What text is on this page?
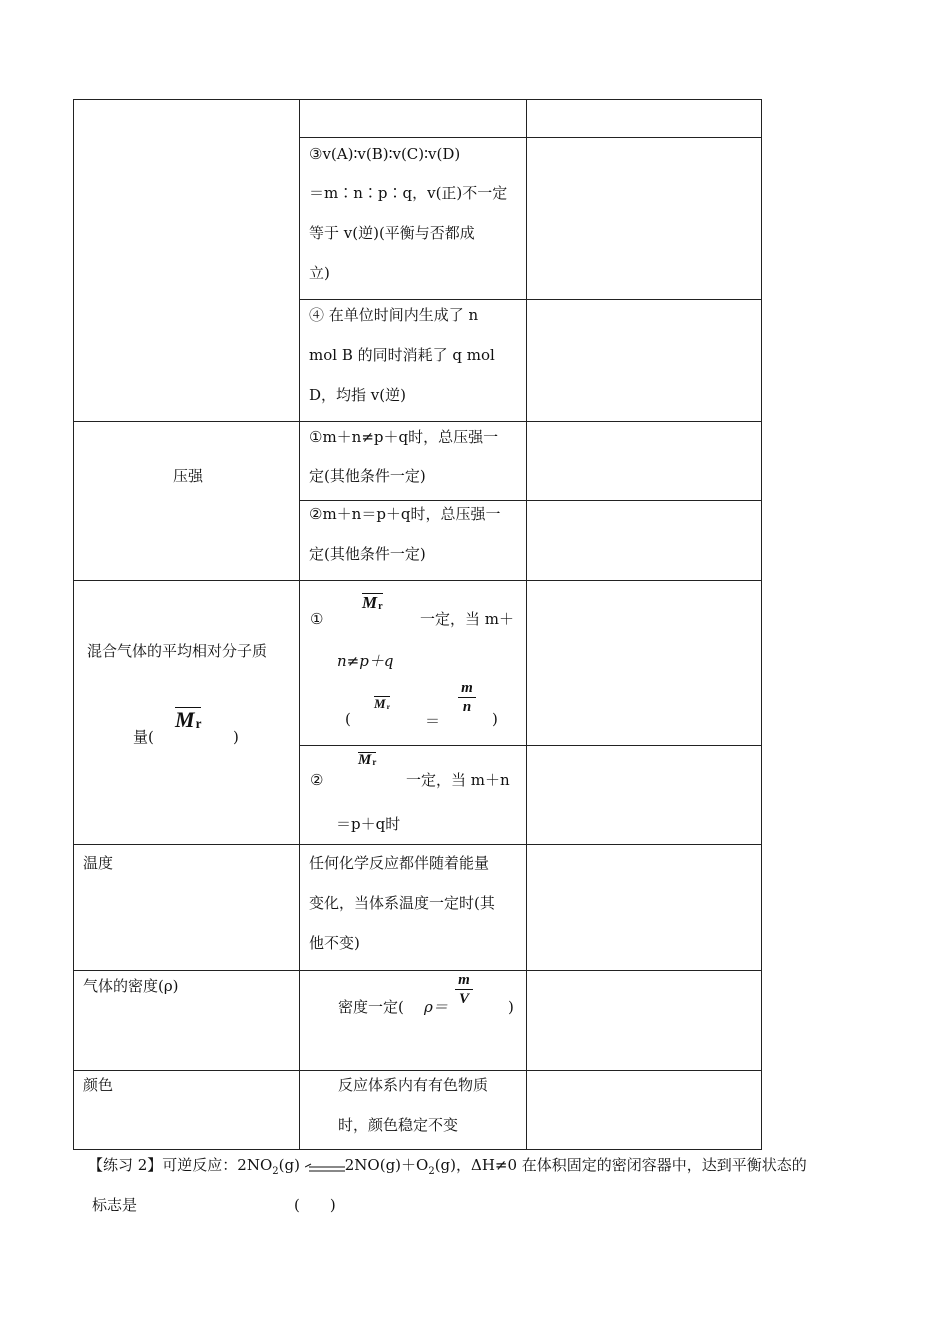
压强
混合气体的平均相对分子质
量(
$M_r$
)
温度
气体的密度(ρ)
颜色
③v(A)∶v(B)∶v(C)∶v(D)
＝m∶n∶p∶q，v(正)不一定
等于 v(逆)(平衡与否都成
立)
④ 在单位时间内生成了 n
mol B 的同时消耗了 q mol
D，均指 v(逆)
①m＋n≠p＋q时，总压强一
定(其他条件一定)
②m＋n＝p＋q时，总压强一
定(其他条件一定)
①
$M_r$
一定，当 m＋
n≠p＋q
(
$M_r$
＝
$\frac{m}{n}$
)
②
$M_r$
一定，当 m＋n
＝p＋q时
任何化学反应都伴随着能量
变化，当体系温度一定时(其
他不变)
密度一定( $\rho= \frac{m}{V}$ )
反应体系内有有色物质
时，颜色稳定不变
【练习 2】可逆反应：$2NO_2(g)$	$2NO(g)+O_2(g)$，ΔH≠0 在体积固定的密闭容器中，达到平衡状态的
标志是	(　　)
